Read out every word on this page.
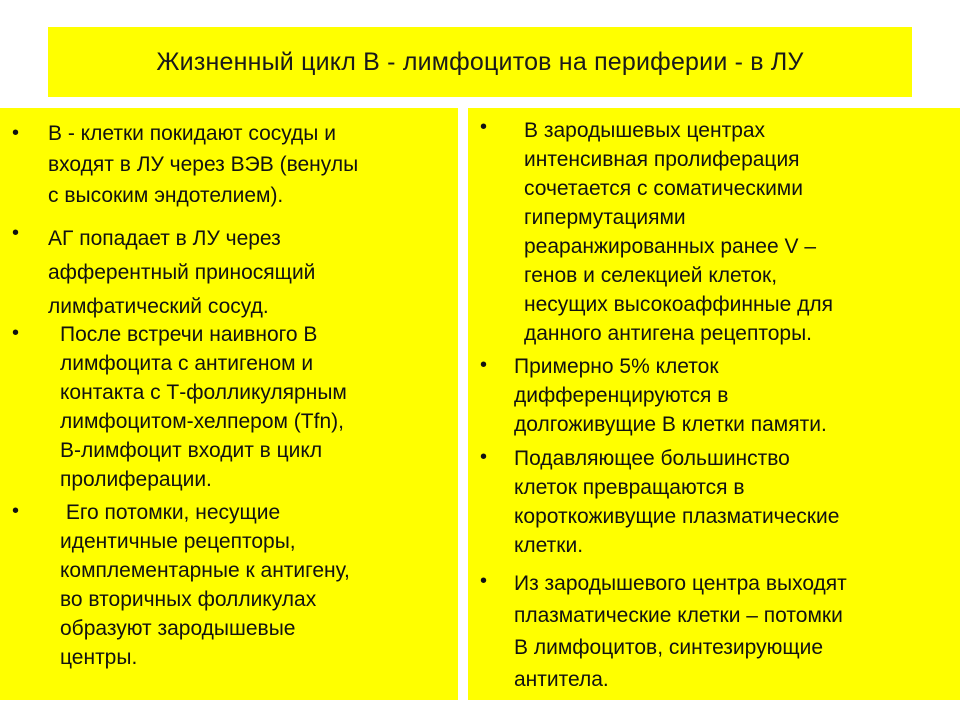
Жизненный цикл В - лимфоцитов на периферии - в ЛУ
• В - клетки покидают сосуды и
входят в ЛУ через ВЭВ (венулы
с высоким эндотелием).
• АГ попадает в ЛУ через
афферентный приносящий
лимфатический сосуд.
• После встречи наивного В
лимфоцита с антигеном и
контакта с Т-фолликулярным
лимфоцитом-хелпером (Tfn),
В-лимфоцит входит в цикл
пролиферации.
• Его потомки, несущие
идентичные рецепторы,
комплементарные к антигену,
во вторичных фолликулах
образуют зародышевые
центры.
• В зародышевых центрах
интенсивная пролиферация
сочетается с соматическими
гипермутациями
реаранжированных ранее V –
генов и селекцией клеток,
несущих высокоаффинные для
данного антигена рецепторы.
• Примерно 5% клеток
дифференцируются в
долгоживущие В клетки памяти.
• Подавляющее большинство
клеток превращаются в
короткоживущие плазматические
клетки.
• Из зародышевого центра выходят
плазматические клетки – потомки
В лимфоцитов, синтезирующие
антитела.
